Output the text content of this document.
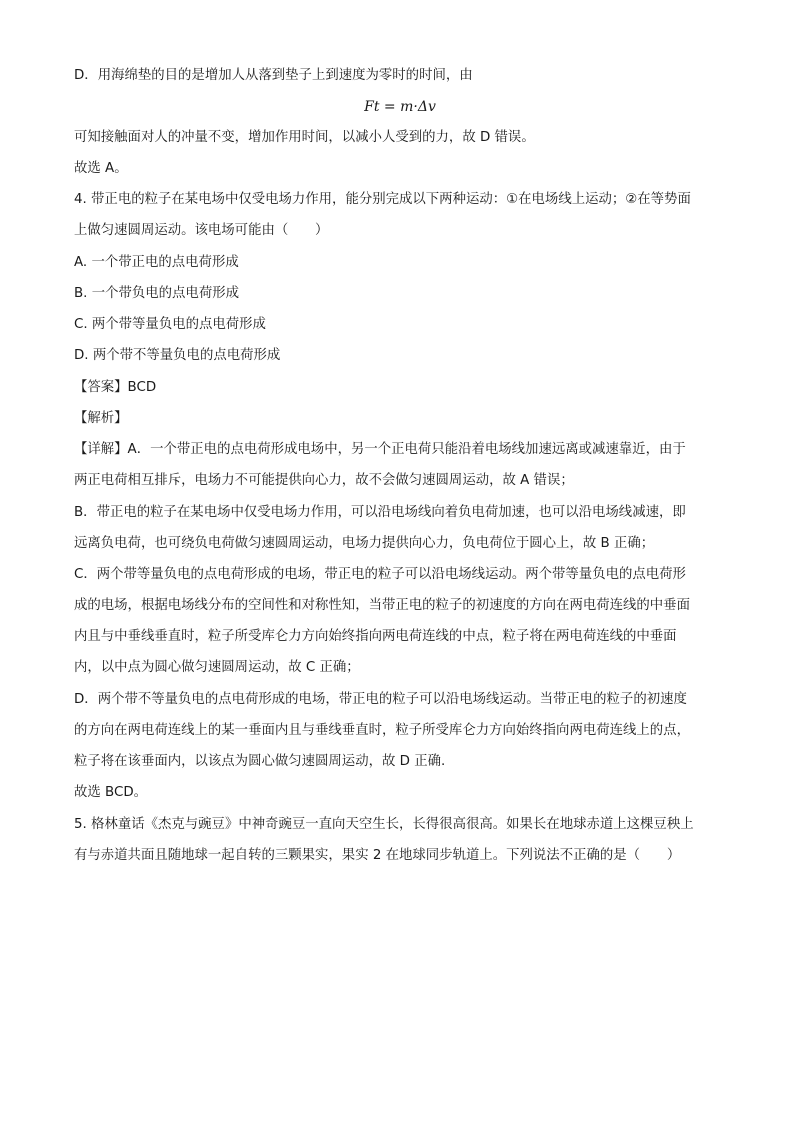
D．用海绵垫的目的是增加人从落到垫子上到速度为零时的时间，由
Ft = m·Δv
可知接触面对人的冲量不变，增加作用时间，以减小人受到的力，故 D 错误。
故选 A。
4. 带正电的粒子在某电场中仅受电场力作用，能分别完成以下两种运动：①在电场线上运动；②在等势面
上做匀速圆周运动。该电场可能由（　　）
A. 一个带正电的点电荷形成
B. 一个带负电的点电荷形成
C. 两个带等量负电的点电荷形成
D. 两个带不等量负电的点电荷形成
【答案】BCD
【解析】
【详解】A．一个带正电的点电荷形成电场中，另一个正电荷只能沿着电场线加速远离或减速靠近，由于
两正电荷相互排斥，电场力不可能提供向心力，故不会做匀速圆周运动，故 A 错误；
B．带正电的粒子在某电场中仅受电场力作用，可以沿电场线向着负电荷加速，也可以沿电场线减速，即
远离负电荷，也可绕负电荷做匀速圆周运动，电场力提供向心力，负电荷位于圆心上，故 B 正确；
C．两个带等量负电的点电荷形成的电场，带正电的粒子可以沿电场线运动。两个带等量负电的点电荷形
成的电场，根据电场线分布的空间性和对称性知，当带正电的粒子的初速度的方向在两电荷连线的中垂面
内且与中垂线垂直时，粒子所受库仑力方向始终指向两电荷连线的中点，粒子将在两电荷连线的中垂面
内，以中点为圆心做匀速圆周运动，故 C 正确；
D．两个带不等量负电的点电荷形成的电场，带正电的粒子可以沿电场线运动。当带正电的粒子的初速度
的方向在两电荷连线上的某一垂面内且与垂线垂直时，粒子所受库仑力方向始终指向两电荷连线上的点，
粒子将在该垂面内，以该点为圆心做匀速圆周运动，故 D 正确.
故选 BCD。
5. 格林童话《杰克与豌豆》中神奇豌豆一直向天空生长，长得很高很高。如果长在地球赤道上这棵豆秧上
有与赤道共面且随地球一起自转的三颗果实，果实 2 在地球同步轨道上。下列说法不正确的是（　　）
